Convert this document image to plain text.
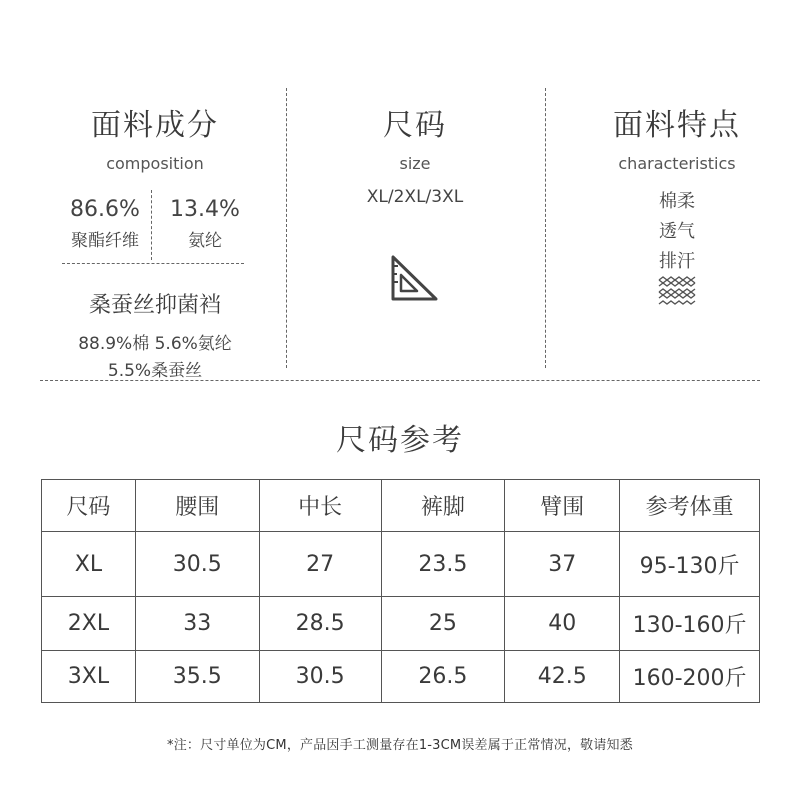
面料成分
composition
86.6%
聚酯纤维
13.4%
氨纶
桑蚕丝抑菌裆
88.9%棉 5.6%氨纶
5.5%桑蚕丝
尺码
size
XL/2XL/3XL
面料特点
characteristics
棉柔
透气
排汗
尺码参考
尺码	腰围	中长	裤脚	臂围	参考体重
XL	30.5	27	23.5	37	95-130斤
2XL	33	28.5	25	40	130-160斤
3XL	35.5	30.5	26.5	42.5	160-200斤
*注：尺寸单位为CM，产品因手工测量存在1-3CM误差属于正常情况，敬请知悉
